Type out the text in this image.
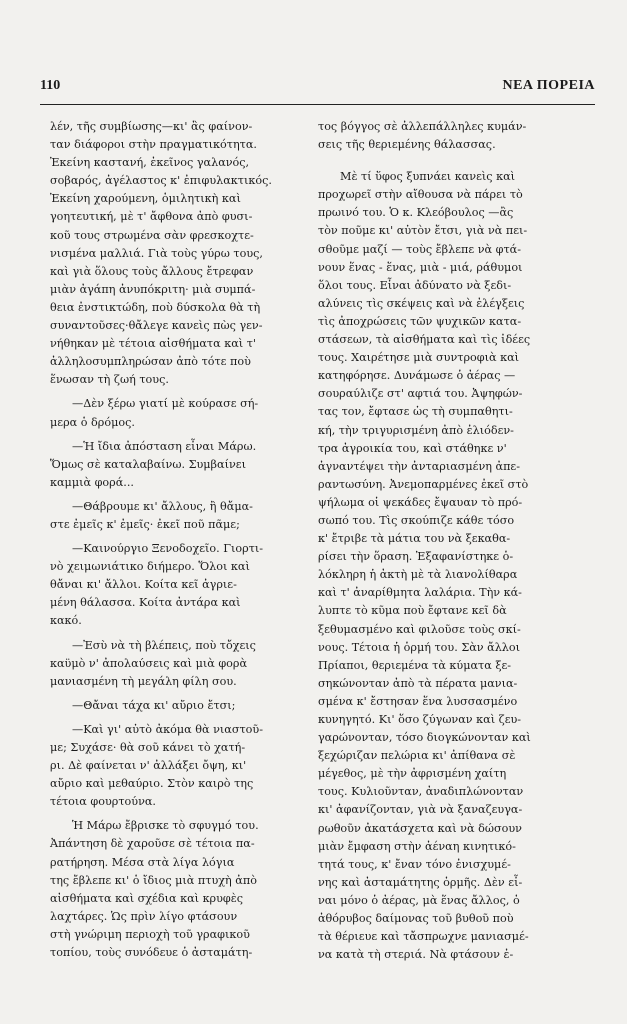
110	ΝΕΑ ΠΟΡΕΙΑ

λέν, τῆς συμβίωσης—κι' ἂς φαίνον-
ταν διάφοροι στὴν πραγματικότητα.
Ἐκείνη καστανή, ἐκεῖνος γαλανός,
σοβαρός, ἀγέλαστος κ' ἐπιφυλακτικός.
Ἐκείνη χαρούμενη, ὁμιλητικὴ καὶ
γοητευτική, μὲ τ' ἄφθονα ἀπὸ φυσι-
κοῦ τους στρωμένα σὰν φρεσκοχτε-
νισμένα μαλλιά. Γιὰ τοὺς γύρω τους,
καὶ γιὰ ὅλους τοὺς ἄλλους ἔτρεφαν
μιὰν ἀγάπη ἀνυπόκριτη· μιὰ συμπά-
θεια ἐνστικτώδη, ποὺ δύσκολα θὰ τὴ
συναντοῦσες·θἄλεγε κανεὶς πὼς γεν-
νήθηκαν μὲ τέτοια αἰσθήματα καὶ τ'
ἀλληλοσυμπληρώσαν ἀπὸ τότε ποὺ
ἕνωσαν τὴ ζωή τους.

—Δὲν ξέρω γιατί μὲ κούρασε σή-
μερα ὁ δρόμος.

—Ἡ ἴδια ἀπόσταση εἶναι Μάρω.
Ὅμως σὲ καταλαβαίνω. Συμβαίνει
καμμιὰ φορά...

—Θάβρουμε κι' ἄλλους, ἢ θἄμα-
στε ἐμεῖς κ' ἐμεῖς· ἐκεῖ ποῦ πᾶμε;

—Καινούργιο Ξενοδοχεῖο. Γιορτι-
νὸ χειμωνιάτικο διήμερο. Ὅλοι καὶ
θἄναι κι' ἄλλοι. Κοίτα κεῖ ἀγριε-
μένη θάλασσα. Κοίτα ἀντάρα καὶ
κακό.

—Ἐσὺ νὰ τὴ βλέπεις, ποὺ τὄχεις
καϋμὸ ν' ἀπολαύσεις καὶ μιὰ φορὰ
μανιασμένη τὴ μεγάλη φίλη σου.

—Θἄναι τάχα κι' αὔριο ἔτσι;

—Καὶ γι' αὐτὸ ἀκόμα θὰ νιαστοῦ-
με; Συχάσε· θὰ σοῦ κάνει τὸ χατή-
ρι. Δὲ φαίνεται ν' ἀλλάξει ὄψη, κι'
αὔριο καὶ μεθαύριο. Στὸν καιρὸ της
τέτοια φουρτούνα.

Ἡ Μάρω ἔβρισκε τὸ σφυγμό του.
Ἀπάντηση δὲ χαροῦσε σὲ τέτοια πα-
ρατήρηση. Μέσα στὰ λίγα λόγια
της ἔβλεπε κι' ὁ ἴδιος μιὰ πτυχὴ ἀπὸ
αἰσθήματα καὶ σχέδια καὶ κρυφὲς
λαχτάρες. Ὡς πρὶν λίγο φτάσουν
στὴ γνώριμη περιοχὴ τοῦ γραφικοῦ
τοπίου, τοὺς συνόδευε ὁ ἀσταμάτη-

τος βόγγος σὲ ἀλλεπάλληλες κυμάν-
σεις τῆς θεριεμένης θάλασσας.

Μὲ τί ὕφος ξυπνάει κανεὶς καὶ
προχωρεῖ στὴν αἴθουσα νὰ πάρει τὸ
πρωινό του. Ὁ κ. Κλεόβουλος —ἂς
τὸν ποῦμε κι' αὐτὸν ἔτσι, γιὰ νὰ πει-
σθοῦμε μαζί — τοὺς ἔβλεπε νὰ φτά-
νουν ἕνας - ἕνας, μιὰ - μιά, ράθυμοι
ὅλοι τους. Εἶναι ἀδύνατο νὰ ξεδι-
αλύνεις τὶς σκέψεις καὶ νὰ ἐλέγξεις
τὶς ἀποχρώσεις τῶν ψυχικῶν κατα-
στάσεων, τὰ αἰσθήματα καὶ τὶς ἰδέες
τους. Χαιρέτησε μιὰ συντροφιὰ καὶ
κατηφόρησε. Δυνάμωσε ὁ ἀέρας —
σουραύλιζε στ' αφτιά του. Ἀψηφών-
τας τον, ἔφτασε ὡς τὴ συμπαθητι-
κή, τὴν τριγυρισμένη ἀπὸ ἐλιόδεν-
τρα ἀγροικία του, καὶ στάθηκε ν'
ἀγναντέψει τὴν ἀνταριασμένη ἀπε-
ραντωσύνη. Ἀνεμοπαρμένες ἐκεῖ στὸ
ψήλωμα οἱ ψεκάδες ἔψαυαν τὸ πρό-
σωπό του. Τὶς σκούπιζε κάθε τόσο
κ' ἔτριβε τὰ μάτια του νὰ ξεκαθα-
ρίσει τὴν ὅραση. Ἐξαφανίστηκε ὁ-
λόκληρη ἡ ἀκτὴ μὲ τὰ λιανολίθαρα
καὶ τ' ἀναρίθμητα λαλάρια. Τὴν κά-
λυπτε τὸ κῦμα ποὺ ἔφτανε κεῖ δὰ
ξεθυμασμένο καὶ φιλοῦσε τοὺς σκί-
νους. Τέτοια ἡ ὁρμή του. Σὰν ἄλλοι
Πρίαποι, θεριεμένα τὰ κύματα ξε-
σηκώνονταν ἀπὸ τὰ πέρατα μανια-
σμένα κ' ἔστησαν ἕνα λυσσασμένο
κυνηγητό. Κι' ὅσο ζύγωναν καὶ ζευ-
γαρώνονταν, τόσο διογκώνονταν καὶ
ξεχώριζαν πελώρια κι' ἀπίθανα σὲ
μέγεθος, μὲ τὴν ἀφρισμένη χαίτη
τους. Κυλιοῦνταν, ἀναδιπλώνονταν
κι' ἀφανίζονταν, γιὰ νὰ ξαναζευγα-
ρωθοῦν ἀκατάσχετα καὶ νὰ δώσουν
μιὰν ἔμφαση στὴν ἀέναη κινητικό-
τητά τους, κ' ἔναν τόνο ἐνισχυμέ-
νης καὶ ἀσταμάτητης ὁρμῆς. Δὲν εἶ-
ναι μόνο ὁ ἀέρας, μὰ ἕνας ἄλλος, ὁ
ἀθόρυβος δαίμονας τοῦ βυθοῦ ποὺ
τὰ θέριευε καὶ τἄσπρωχνε μανιασμέ-
να κατὰ τὴ στεριά. Νὰ φτάσουν ἐ-
